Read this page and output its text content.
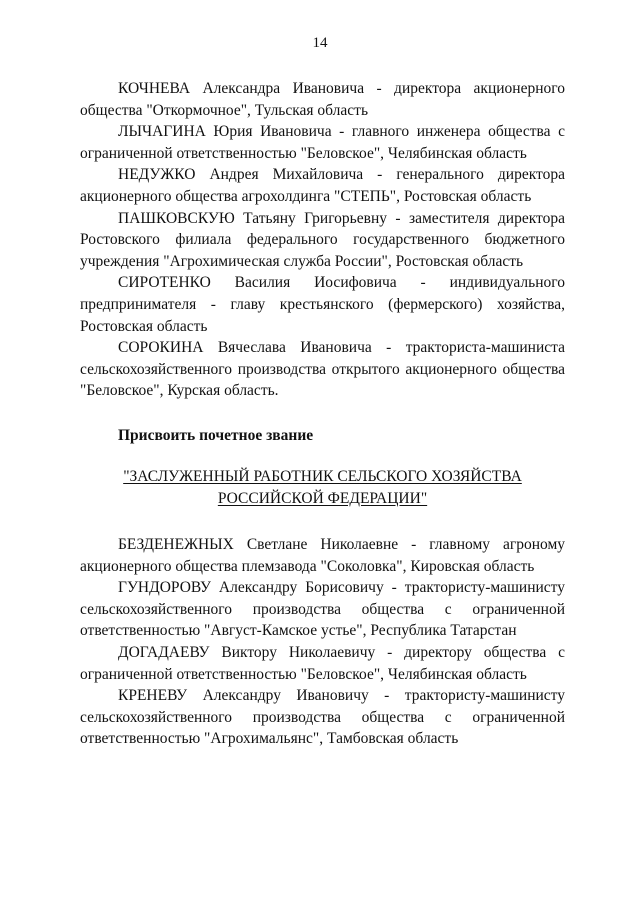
14

КОЧНЕВА Александра Ивановича - директора акционерного общества "Откормочное", Тульская область

ЛЫЧАГИНА Юрия Ивановича - главного инженера общества с ограниченной ответственностью "Беловское", Челябинская область

НЕДУЖКО Андрея Михайловича - генерального директора акционерного общества агрохолдинга "СТЕПЬ", Ростовская область

ПАШКОВСКУЮ Татьяну Григорьевну - заместителя директора Ростовского филиала федерального государственного бюджетного учреждения "Агрохимическая служба России", Ростовская область

СИРОТЕНКО Василия Иосифовича - индивидуального предпринимателя - главу крестьянского (фермерского) хозяйства, Ростовская область

СОРОКИНА Вячеслава Ивановича - тракториста-машиниста сельскохозяйственного производства открытого акционерного общества "Беловское", Курская область.

Присвоить почетное звание

"ЗАСЛУЖЕННЫЙ РАБОТНИК СЕЛЬСКОГО ХОЗЯЙСТВА
РОССИЙСКОЙ ФЕДЕРАЦИИ"

БЕЗДЕНЕЖНЫХ Светлане Николаевне - главному агроному акционерного общества племзавода "Соколовка", Кировская область

ГУНДОРОВУ Александру Борисовичу - трактористу-машинисту сельскохозяйственного производства общества с ограниченной ответственностью "Август-Камское устье", Республика Татарстан

ДОГАДАЕВУ Виктору Николаевичу - директору общества с ограниченной ответственностью "Беловское", Челябинская область

КРЕНЕВУ Александру Ивановичу - трактористу-машинисту сельскохозяйственного производства общества с ограниченной ответственностью "Агрохимальянс", Тамбовская область
